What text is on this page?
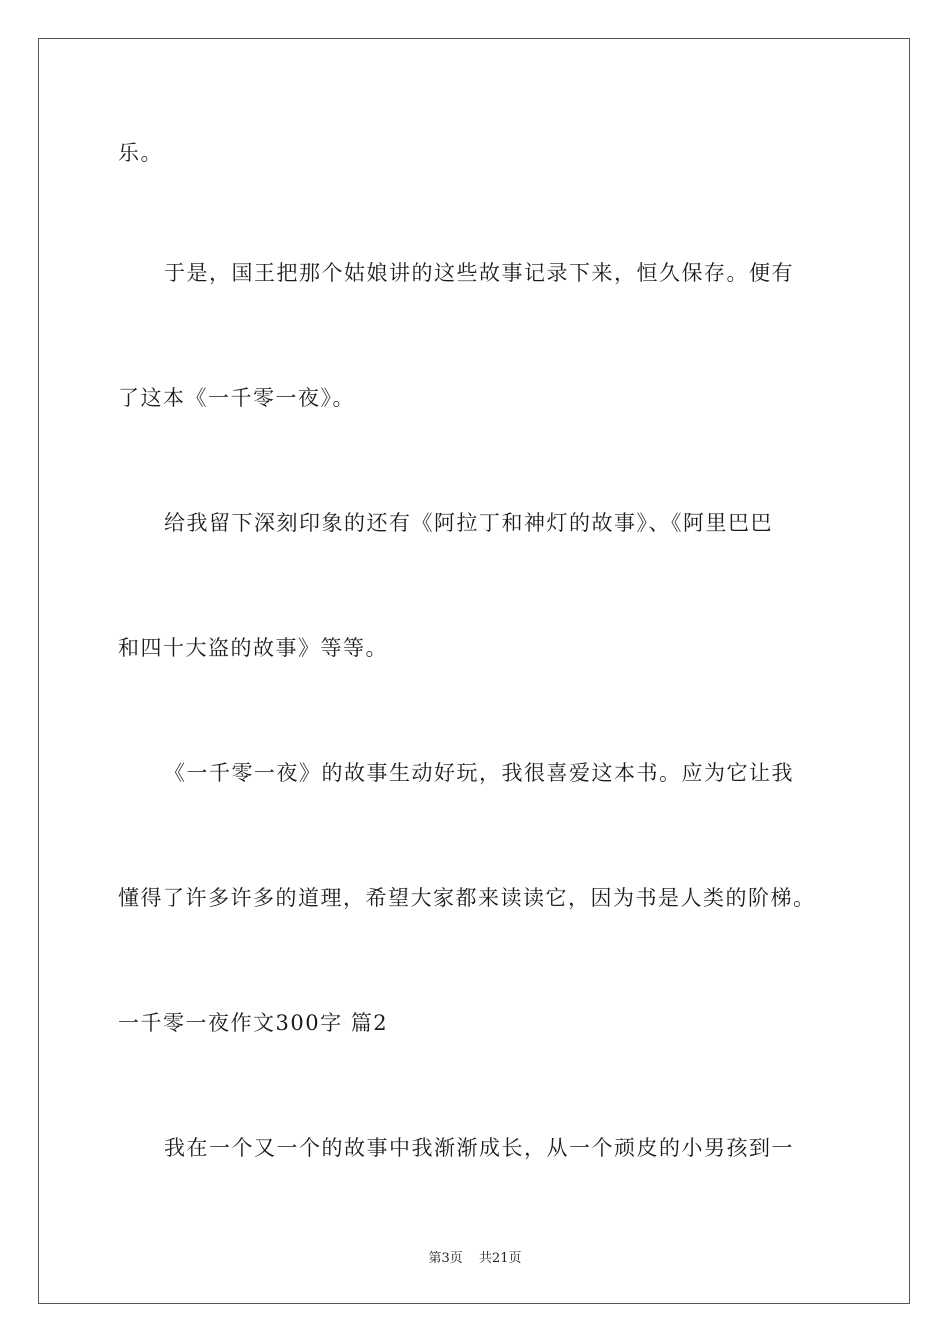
乐。
于是，国王把那个姑娘讲的这些故事记录下来，恒久保存。便有
了这本《一千零一夜》。
给我留下深刻印象的还有《阿拉丁和神灯的故事》、《阿里巴巴
和四十大盗的故事》等等。
《一千零一夜》的故事生动好玩，我很喜爱这本书。应为它让我
懂得了许多许多的道理，希望大家都来读读它，因为书是人类的阶梯。
一千零一夜作文300字 篇2
我在一个又一个的故事中我渐渐成长，从一个顽皮的小男孩到一
第3页 共21页
